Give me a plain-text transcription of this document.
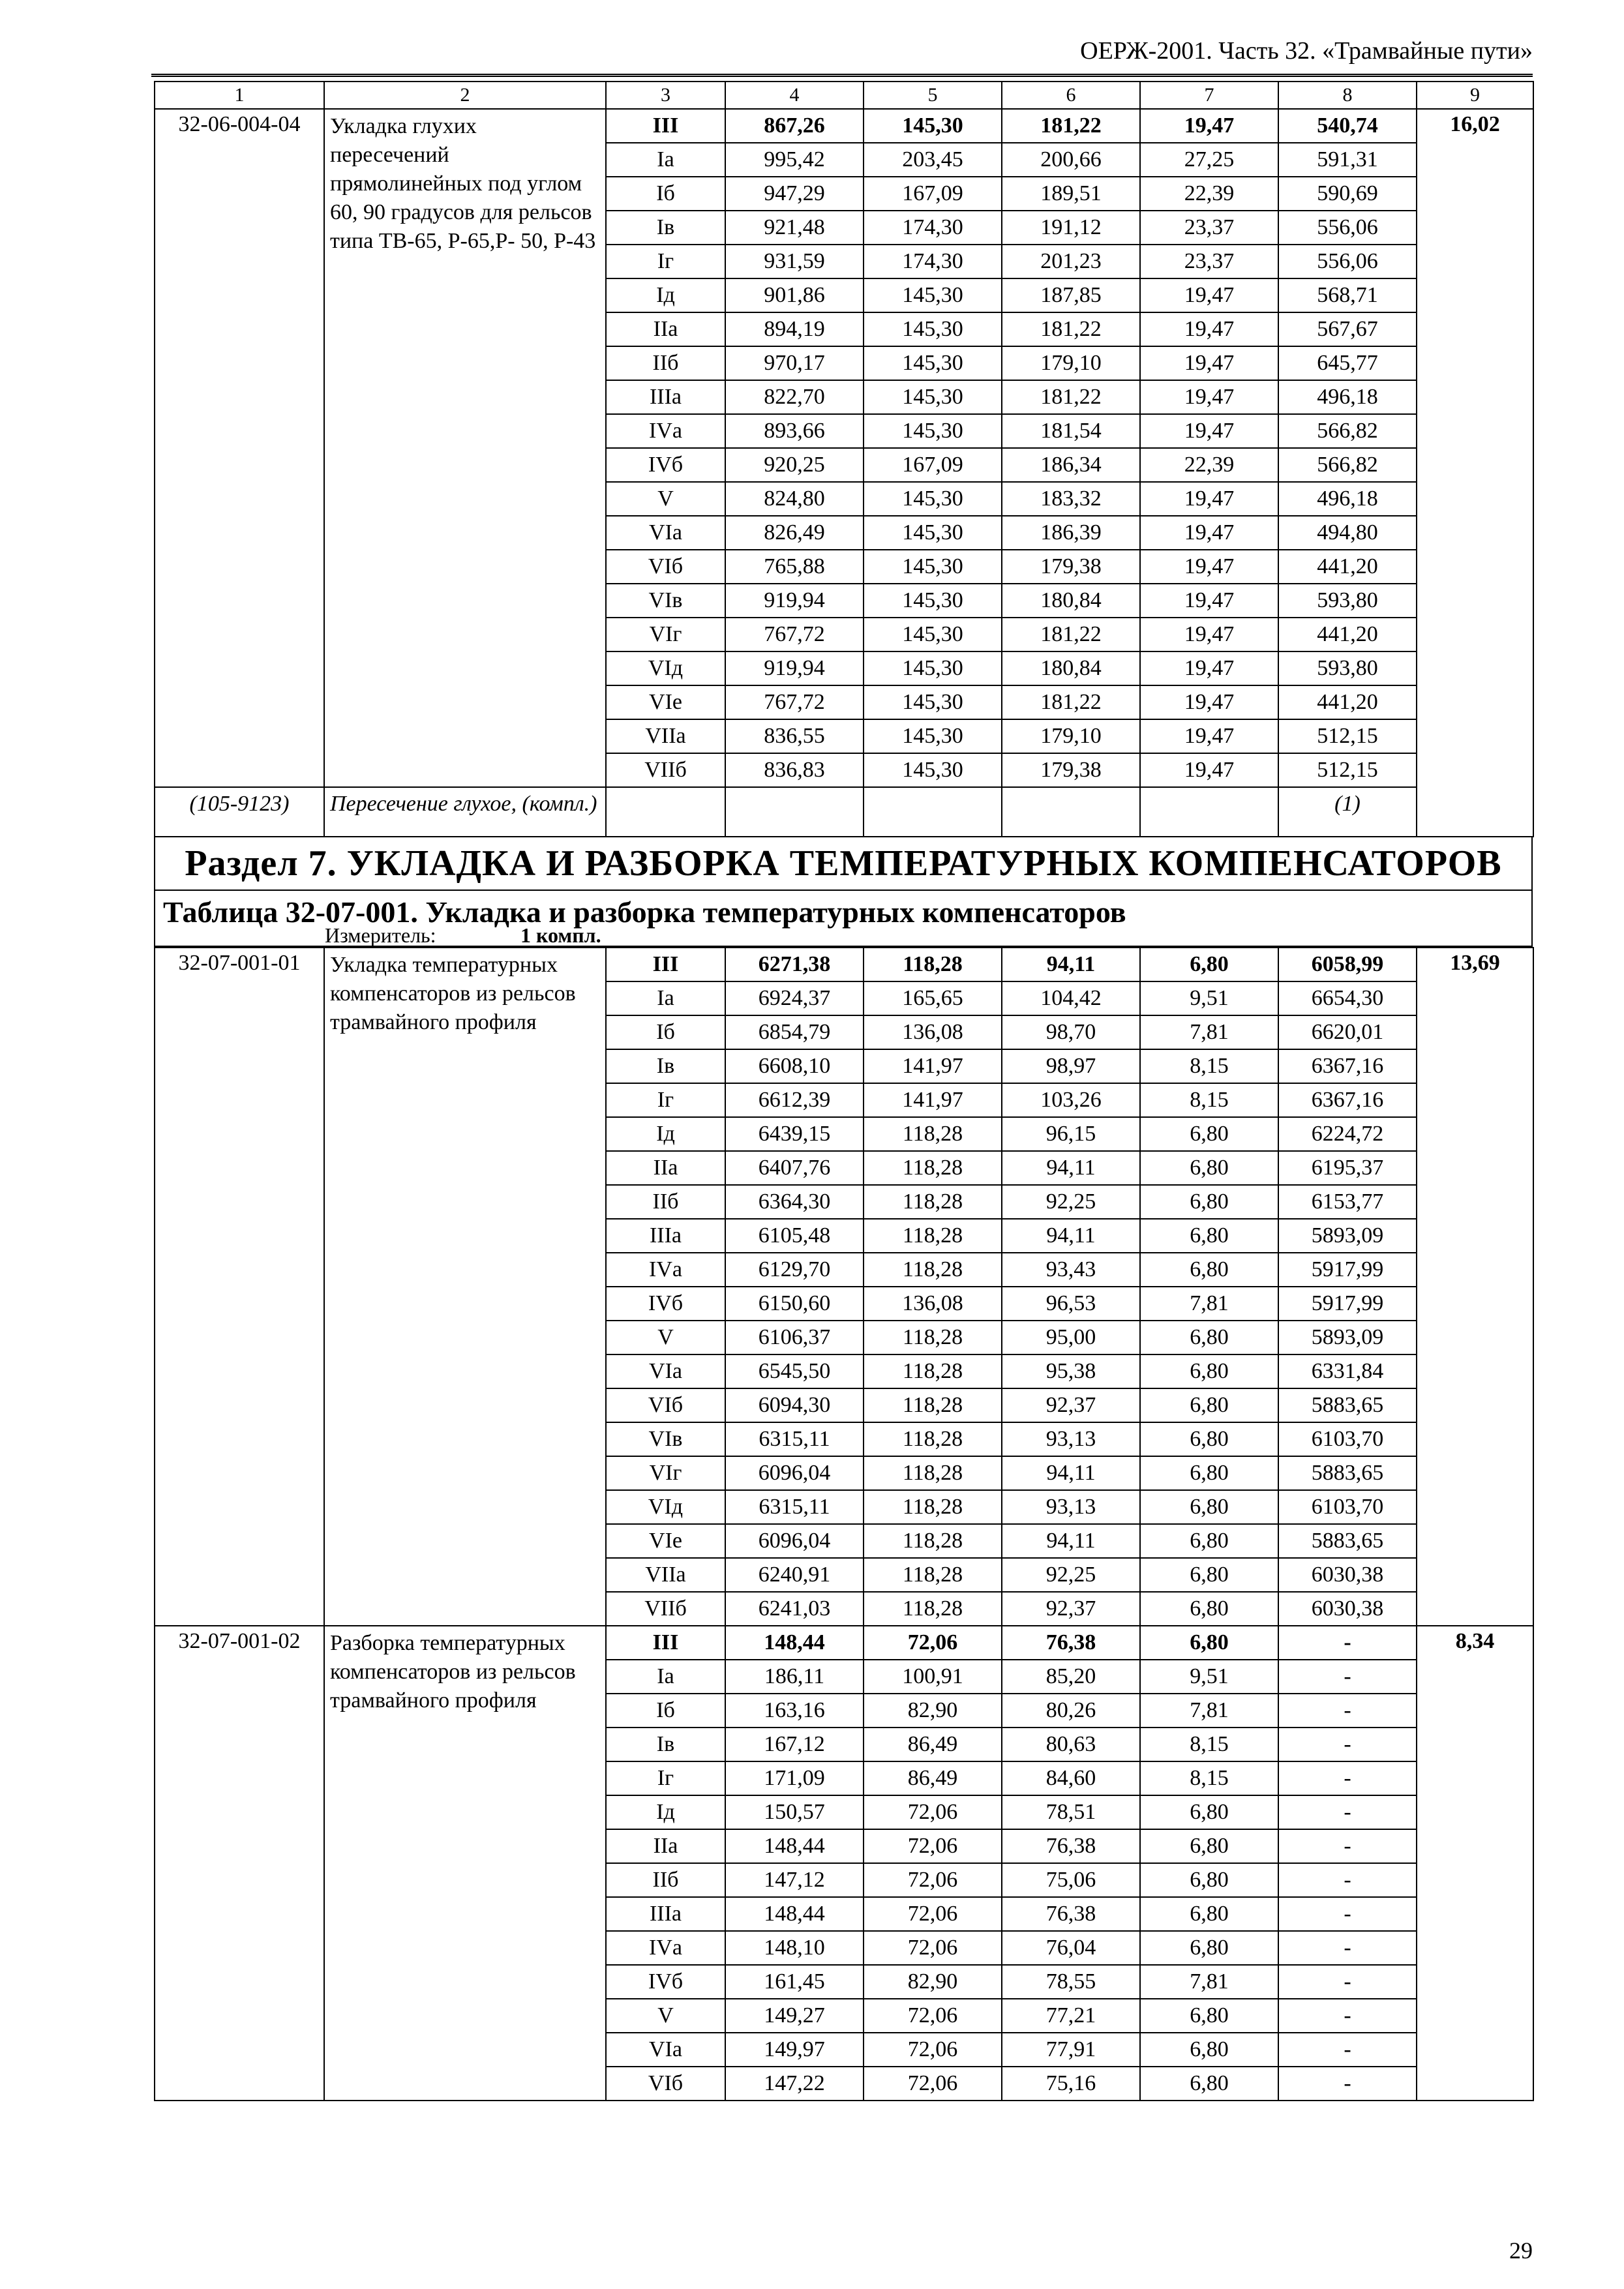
ОЕРЖ-2001. Часть 32. «Трамвайные пути»
1	2	3	4	5	6	7	8	9
32-06-004-04	Укладка глухих пересечений прямолинейных под углом 60, 90 градусов для рельсов типа ТВ-65, Р-65,Р- 50, Р-43	III	867,26	145,30	181,22	19,47	540,74	16,02
		Iа	995,42	203,45	200,66	27,25	591,31	
		Iб	947,29	167,09	189,51	22,39	590,69	
		Iв	921,48	174,30	191,12	23,37	556,06	
		Iг	931,59	174,30	201,23	23,37	556,06	
		Iд	901,86	145,30	187,85	19,47	568,71	
		IIа	894,19	145,30	181,22	19,47	567,67	
		IIб	970,17	145,30	179,10	19,47	645,77	
		IIIа	822,70	145,30	181,22	19,47	496,18	
		IVа	893,66	145,30	181,54	19,47	566,82	
		IVб	920,25	167,09	186,34	22,39	566,82	
		V	824,80	145,30	183,32	19,47	496,18	
		VIа	826,49	145,30	186,39	19,47	494,80	
		VIб	765,88	145,30	179,38	19,47	441,20	
		VIв	919,94	145,30	180,84	19,47	593,80	
		VIг	767,72	145,30	181,22	19,47	441,20	
		VIд	919,94	145,30	180,84	19,47	593,80	
		VIе	767,72	145,30	181,22	19,47	441,20	
		VIIа	836,55	145,30	179,10	19,47	512,15	
		VIIб	836,83	145,30	179,38	19,47	512,15	
(105-9123)	Пересечение глухое, (компл.)						(1)	
Раздел 7. УКЛАДКА И РАЗБОРКА ТЕМПЕРАТУРНЫХ КОМПЕНСАТОРОВ
Таблица 32-07-001. Укладка и разборка температурных компенсаторов
Измеритель:	1 компл.
32-07-001-01	Укладка температурных компенсаторов из рельсов трамвайного профиля	III	6271,38	118,28	94,11	6,80	6058,99	13,69
		Iа	6924,37	165,65	104,42	9,51	6654,30	
		Iб	6854,79	136,08	98,70	7,81	6620,01	
		Iв	6608,10	141,97	98,97	8,15	6367,16	
		Iг	6612,39	141,97	103,26	8,15	6367,16	
		Iд	6439,15	118,28	96,15	6,80	6224,72	
		IIа	6407,76	118,28	94,11	6,80	6195,37	
		IIб	6364,30	118,28	92,25	6,80	6153,77	
		IIIа	6105,48	118,28	94,11	6,80	5893,09	
		IVа	6129,70	118,28	93,43	6,80	5917,99	
		IVб	6150,60	136,08	96,53	7,81	5917,99	
		V	6106,37	118,28	95,00	6,80	5893,09	
		VIа	6545,50	118,28	95,38	6,80	6331,84	
		VIб	6094,30	118,28	92,37	6,80	5883,65	
		VIв	6315,11	118,28	93,13	6,80	6103,70	
		VIг	6096,04	118,28	94,11	6,80	5883,65	
		VIд	6315,11	118,28	93,13	6,80	6103,70	
		VIе	6096,04	118,28	94,11	6,80	5883,65	
		VIIа	6240,91	118,28	92,25	6,80	6030,38	
		VIIб	6241,03	118,28	92,37	6,80	6030,38	
32-07-001-02	Разборка температурных компенсаторов из рельсов трамвайного профиля	III	148,44	72,06	76,38	6,80	-	8,34
		Iа	186,11	100,91	85,20	9,51	-	
		Iб	163,16	82,90	80,26	7,81	-	
		Iв	167,12	86,49	80,63	8,15	-	
		Iг	171,09	86,49	84,60	8,15	-	
		Iд	150,57	72,06	78,51	6,80	-	
		IIа	148,44	72,06	76,38	6,80	-	
		IIб	147,12	72,06	75,06	6,80	-	
		IIIа	148,44	72,06	76,38	6,80	-	
		IVа	148,10	72,06	76,04	6,80	-	
		IVб	161,45	82,90	78,55	7,81	-	
		V	149,27	72,06	77,21	6,80	-	
		VIа	149,97	72,06	77,91	6,80	-	
		VIб	147,22	72,06	75,16	6,80	-	
29
